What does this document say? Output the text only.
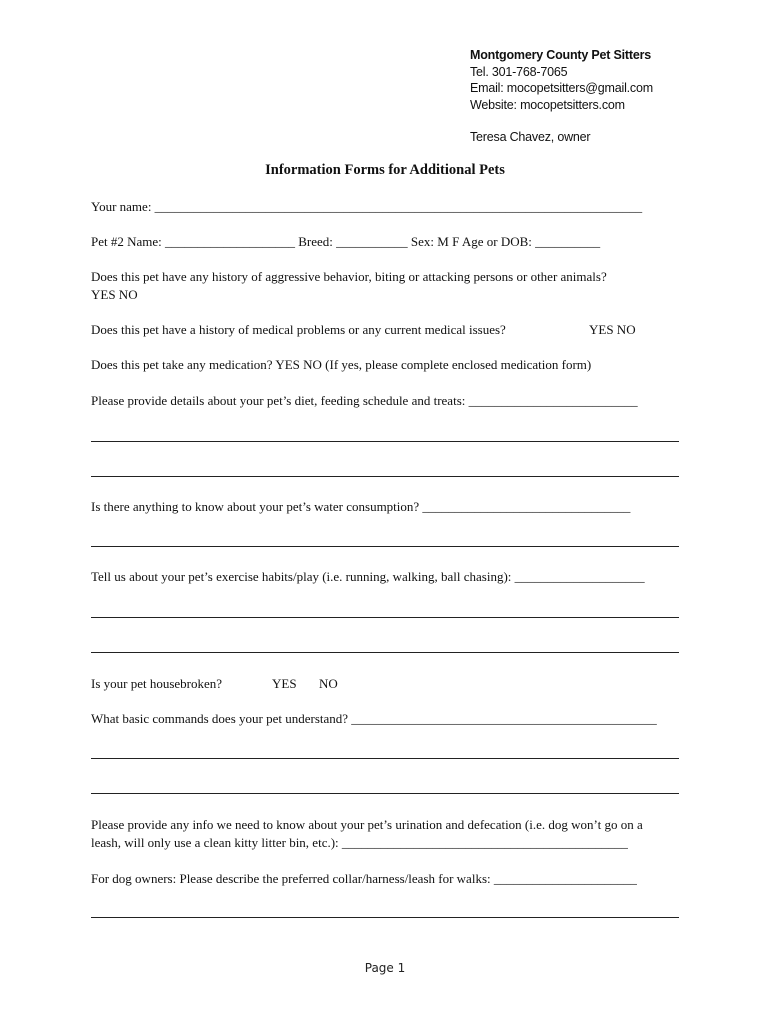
Montgomery County Pet Sitters
Tel. 301-768-7065
Email: mocopetsitters@gmail.com
Website: mocopetsitters.com
Teresa Chavez, owner
Information Forms for Additional Pets
Your name: ___________________________________________________________________________
Pet #2 Name: ____________________ Breed: ___________ Sex: M F Age or DOB: __________
Does this pet have any history of aggressive behavior, biting or attacking persons or other animals?
YES NO
Does this pet have a history of medical problems or any current medical issues?	YES NO
Does this pet take any medication? YES NO (If yes, please complete enclosed medication form)
Please provide details about your pet’s diet, feeding schedule and treats: __________________________
Is there anything to know about your pet’s water consumption? ________________________________
Tell us about your pet’s exercise habits/play (i.e. running, walking, ball chasing): ____________________
Is your pet housebroken?	YES NO
What basic commands does your pet understand? _______________________________________________
Please provide any info we need to know about your pet’s urination and defecation (i.e. dog won’t go on a
leash, will only use a clean kitty litter bin, etc.): ____________________________________________
For dog owners: Please describe the preferred collar/harness/leash for walks: ______________________
Page 1
